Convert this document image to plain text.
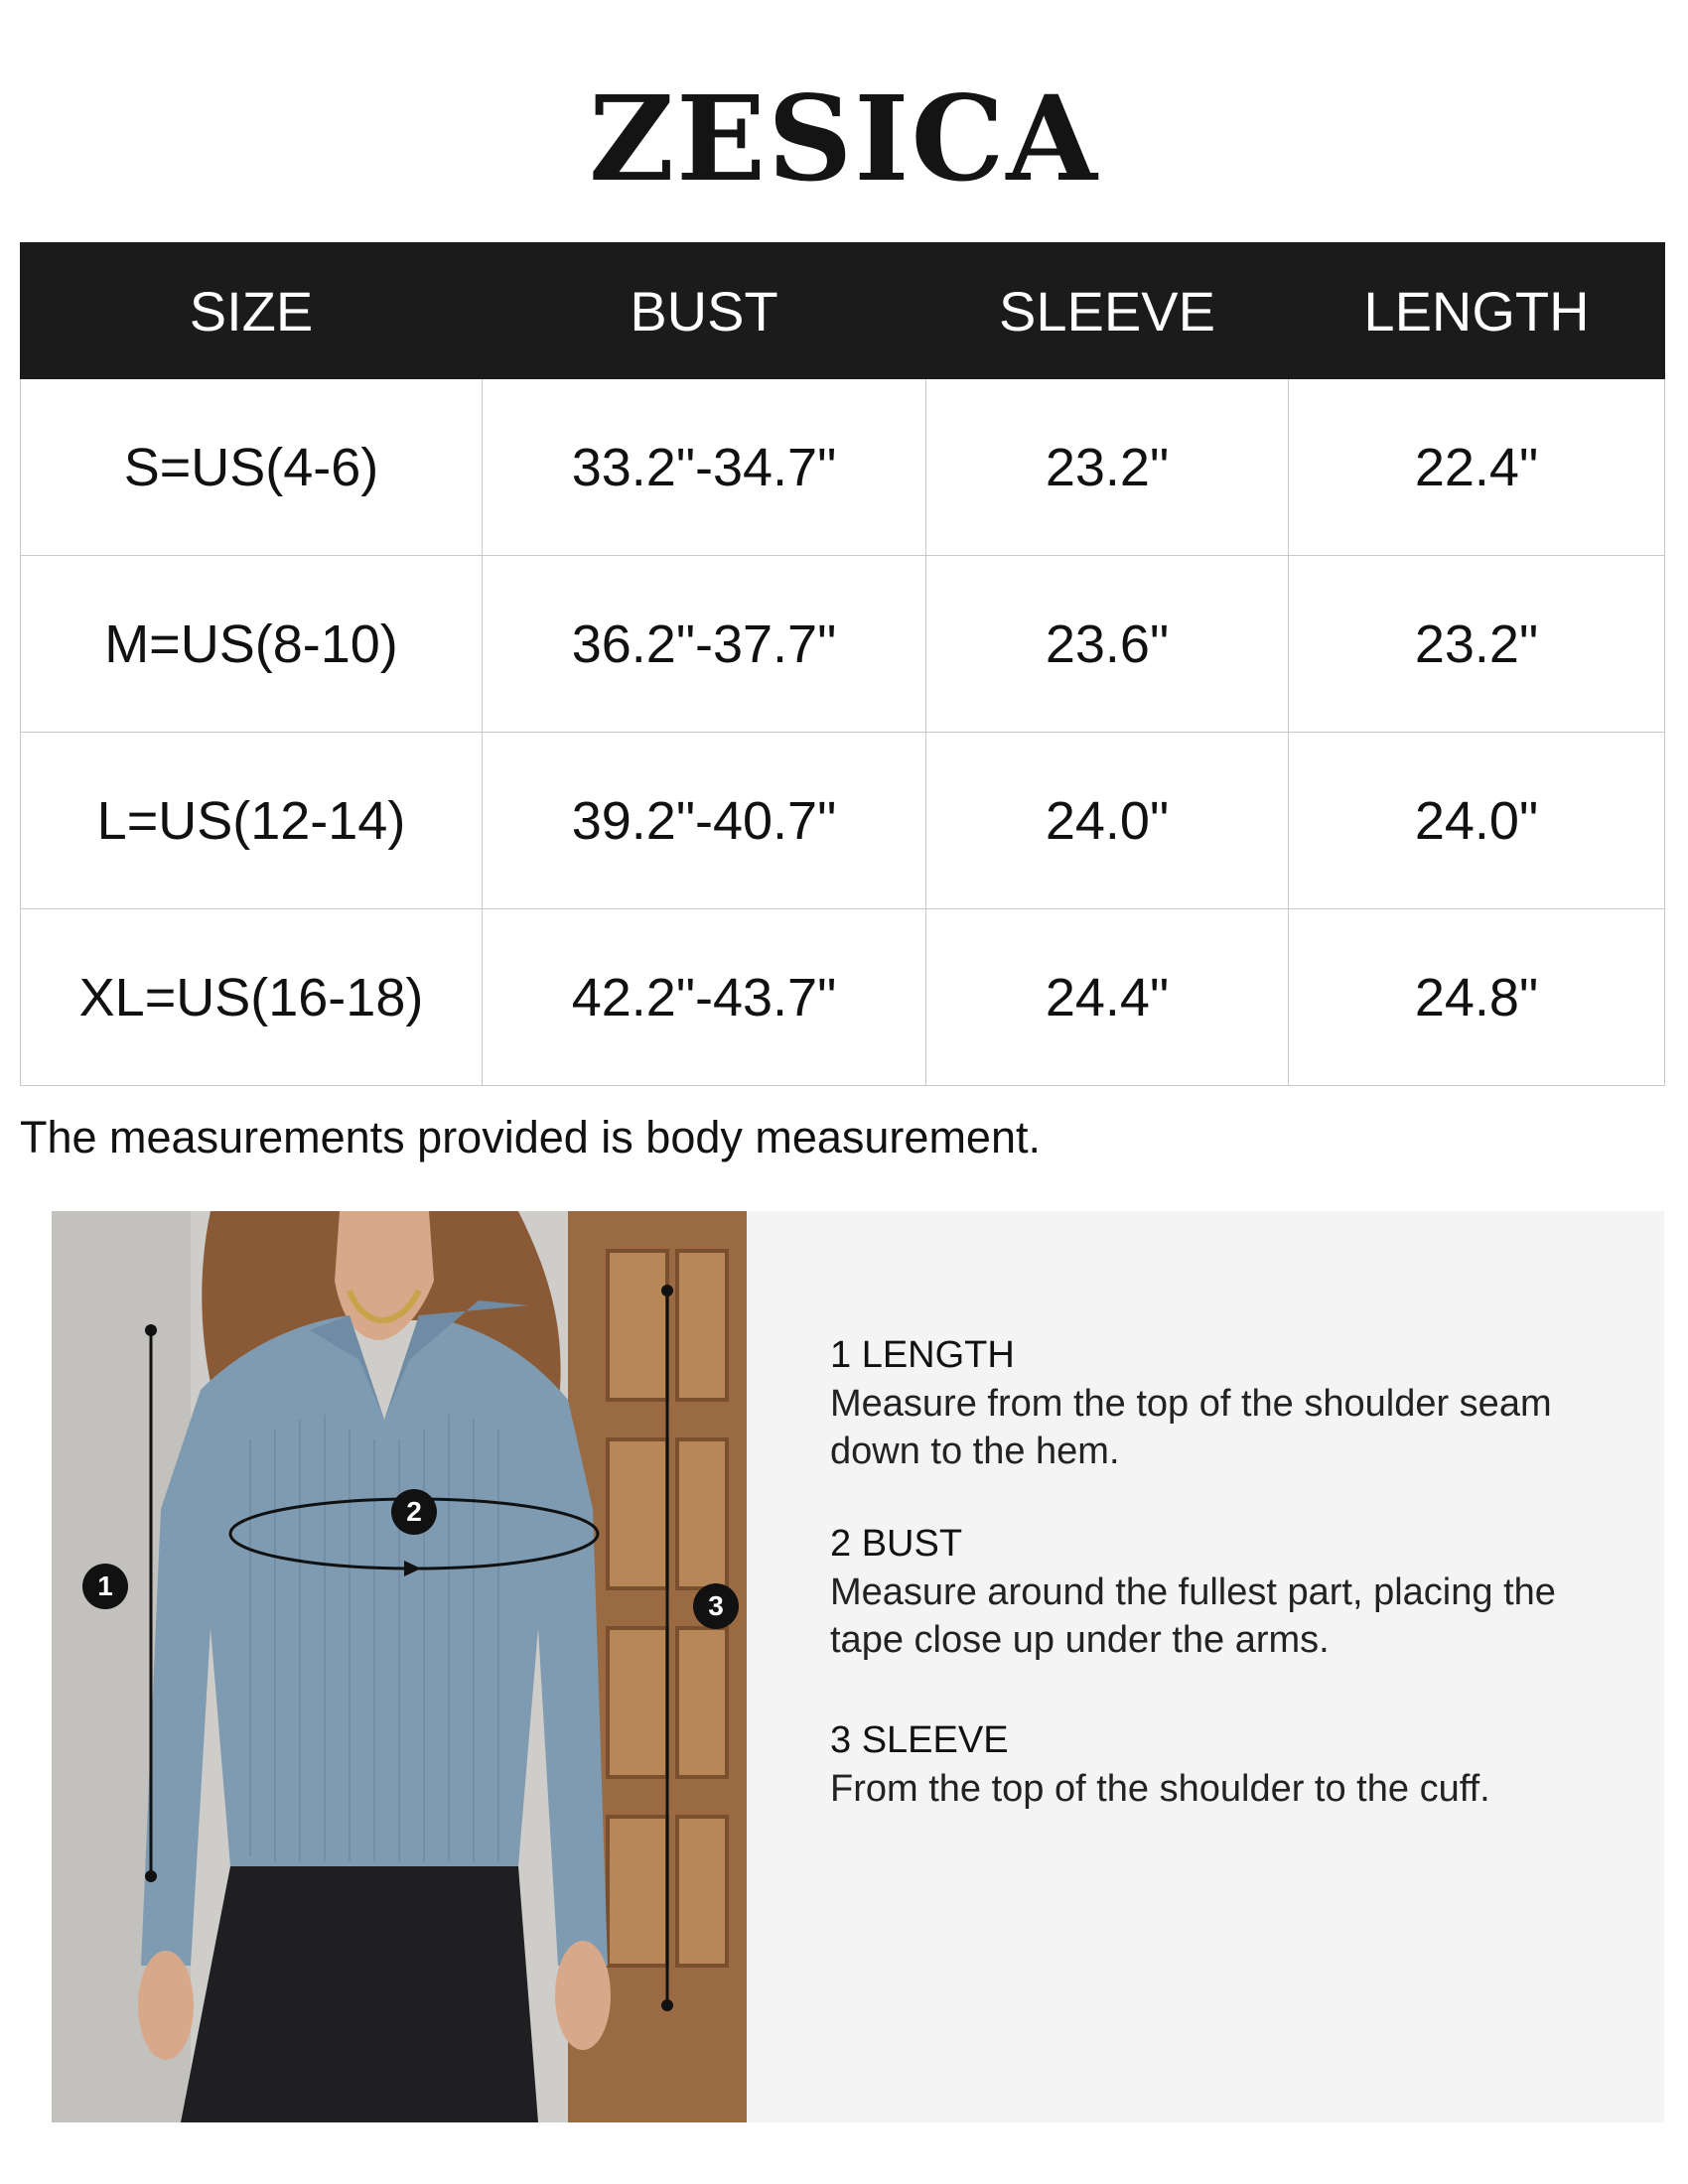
ZESICA
SIZE	BUST	SLEEVE	LENGTH
S=US(4-6)	33.2"-34.7"	23.2"	22.4"
M=US(8-10)	36.2"-37.7"	23.6"	23.2"
L=US(12-14)	39.2"-40.7"	24.0"	24.0"
XL=US(16-18)	42.2"-43.7"	24.4"	24.8"
The measurements provided is body measurement.
1
2
3
1 LENGTH
Measure from the top of the shoulder seam down to the hem.
2 BUST
Measure around the fullest part, placing the tape close up under the arms.
3 SLEEVE
From the top of the shoulder to the cuff.
